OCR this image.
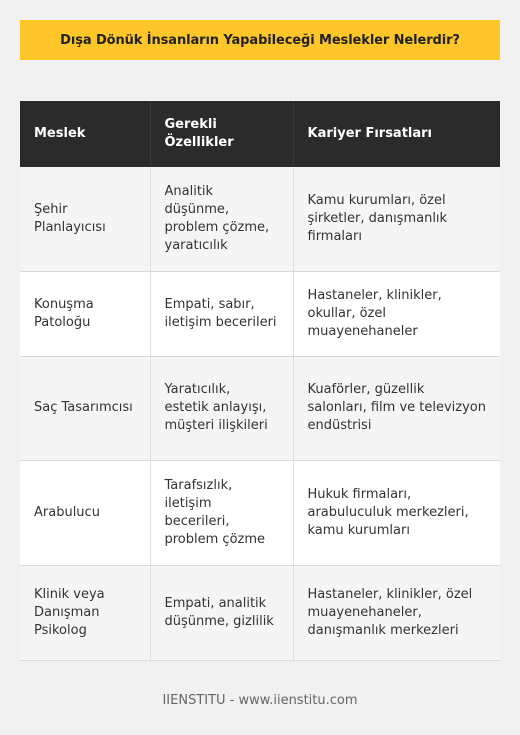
Dışa Dönük İnsanların Yapabileceği Meslekler Nelerdir?
Meslek	Gerekli Özellikler	Kariyer Fırsatları
Şehir Planlayıcısı	Analitik düşünme, problem çözme, yaratıcılık	Kamu kurumları, özel şirketler, danışmanlık firmaları
Konuşma Patoloğu	Empati, sabır, iletişim becerileri	Hastaneler, klinikler, okullar, özel muayenehaneler
Saç Tasarımcısı	Yaratıcılık, estetik anlayışı, müşteri ilişkileri	Kuaförler, güzellik salonları, film ve televizyon endüstrisi
Arabulucu	Tarafsızlık, iletişim becerileri, problem çözme	Hukuk firmaları, arabuluculuk merkezleri, kamu kurumları
Klinik veya Danışman Psikolog	Empati, analitik düşünme, gizlilik	Hastaneler, klinikler, özel muayenehaneler, danışmanlık merkezleri
IIENSTITU - www.iienstitu.com
